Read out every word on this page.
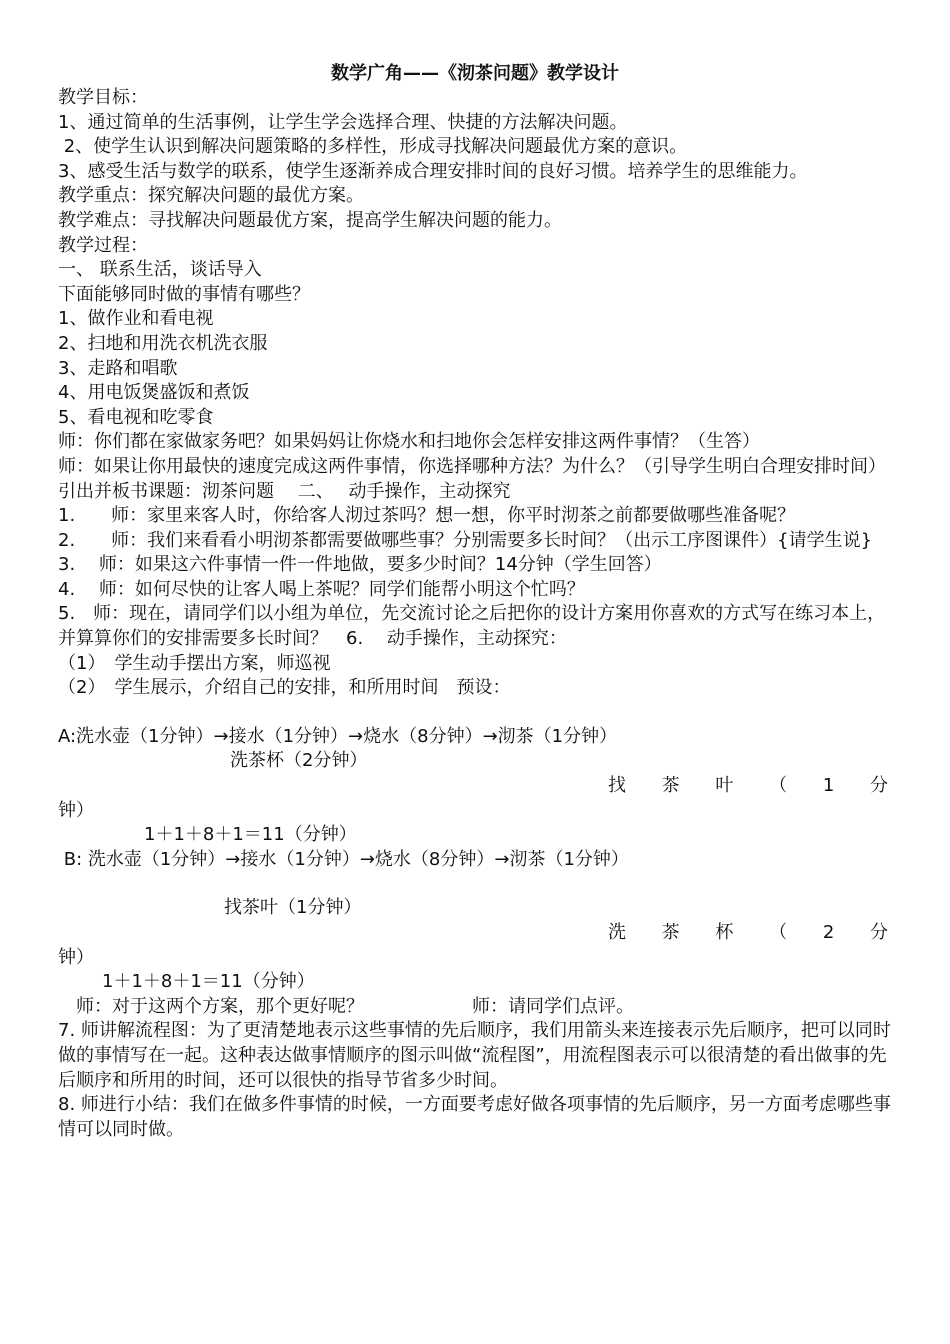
数学广角——《沏茶问题》教学设计
教学目标：
1、通过简单的生活事例，让学生学会选择合理、快捷的方法解决问题。
2、使学生认识到解决问题策略的多样性，形成寻找解决问题最优方案的意识。
3、感受生活与数学的联系，使学生逐渐养成合理安排时间的良好习惯。培养学生的思维能力。
教学重点：探究解决问题的最优方案。
教学难点：寻找解决问题最优方案，提高学生解决问题的能力。
教学过程：
一、 联系生活，谈话导入
下面能够同时做的事情有哪些？
1、做作业和看电视
2、扫地和用洗衣机洗衣服
3、走路和唱歌
4、用电饭煲盛饭和煮饭
5、看电视和吃零食
师：你们都在家做家务吧？如果妈妈让你烧水和扫地你会怎样安排这两件事情？（生答）
师：如果让你用最快的速度完成这两件事情，你选择哪种方法？为什么？（引导学生明白合理安排时间）　 引出并板书课题：沏茶问题　 二、　 动手操作，主动探究
1.　　师：家里来客人时，你给客人沏过茶吗？想一想，你平时沏茶之前都要做哪些准备呢？
2.　　师：我们来看看小明沏茶都需要做哪些事？分别需要多长时间？（出示工序图课件）{请学生说}
3.　 师：如果这六件事情一件一件地做，要多少时间？14分钟（学生回答）
4.　 师：如何尽快的让客人喝上茶呢？同学们能帮小明这个忙吗？
5.　师：现在，请同学们以小组为单位，先交流讨论之后把你的设计方案用你喜欢的方式写在练习本上，并算算你们的安排需要多长时间？　6.　 动手操作，主动探究：
（1）　学生动手摆出方案，师巡视
（2）　学生展示，介绍自己的安排，和所用时间　预设：
A:洗水壶（1分钟）→接水（1分钟）→烧水（8分钟）→沏茶（1分钟）
洗茶杯（2分钟）
找 茶 叶 （ 1 分
钟）
1＋1＋8＋1＝11（分钟）
B: 洗水壶（1分钟）→接水（1分钟）→烧水（8分钟）→沏茶（1分钟）
找茶叶（1分钟）
洗 茶 杯 （ 2 分
钟）
1＋1＋8＋1＝11（分钟）
　师：对于这两个方案，那个更好呢？　　　　　　师：请同学们点评。
7. 师讲解流程图：为了更清楚地表示这些事情的先后顺序，我们用箭头来连接表示先后顺序，把可以同时做的事情写在一起。这种表达做事情顺序的图示叫做“流程图”，用流程图表示可以很清楚的看出做事的先后顺序和所用的时间，还可以很快的指导节省多少时间。
8. 师进行小结：我们在做多件事情的时候，一方面要考虑好做各项事情的先后顺序，另一方面考虑哪些事情可以同时做。
